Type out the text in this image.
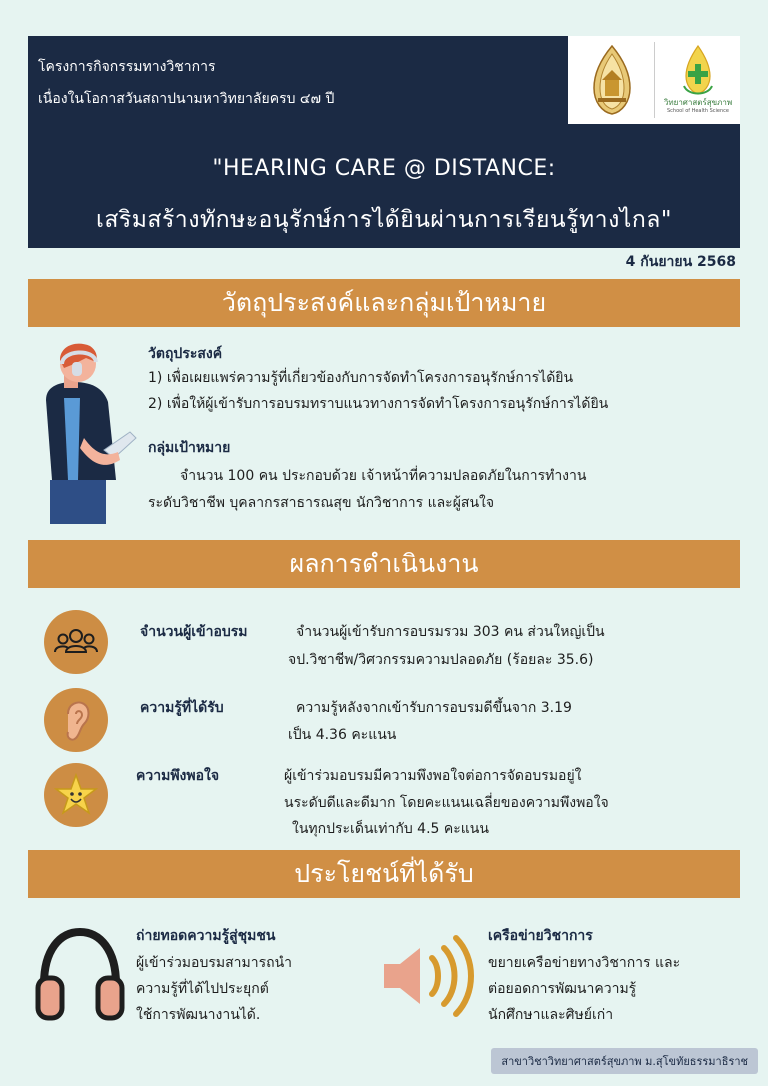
โครงการกิจกรรมทางวิชาการ
เนื่องในโอกาสวันสถาปนามหาวิทยาลัยครบ ๔๗ ปี	วิทยาศาสตร์สุขภาพ
School of Health Science
"HEARING CARE @ DISTANCE:
เสริมสร้างทักษะอนุรักษ์การได้ยินผ่านการเรียนรู้ทางไกล"
4 กันยายน 2568
วัตถุประสงค์และกลุ่มเป้าหมาย
วัตถุประสงค์
1) เพื่อเผยแพร่ความรู้ที่เกี่ยวข้องกับการจัดทำโครงการอนุรักษ์การได้ยิน
2) เพื่อให้ผู้เข้ารับการอบรมทราบแนวทางการจัดทำโครงการอนุรักษ์การได้ยิน
กลุ่มเป้าหมาย
จำนวน 100 คน ประกอบด้วย เจ้าหน้าที่ความปลอดภัยในการทำงาน
ระดับวิชาชีพ บุคลากรสาธารณสุข นักวิชาการ และผู้สนใจ
ผลการดำเนินงาน
จำนวนผู้เข้าอบรม	จำนวนผู้เข้ารับการอบรมรวม 303 คน ส่วนใหญ่เป็น
จป.วิชาชีพ/วิศวกรรมความปลอดภัย (ร้อยละ 35.6)
ความรู้ที่ได้รับ	ความรู้หลังจากเข้ารับการอบรมดีขึ้นจาก 3.19
เป็น 4.36 คะแนน
ความพึงพอใจ	ผู้เข้าร่วมอบรมมีความพึงพอใจต่อการจัดอบรมอยู่ใ
นระดับดีและดีมาก โดยคะแนนเฉลี่ยของความพึงพอใจ
ในทุกประเด็นเท่ากับ 4.5 คะแนน
ประโยชน์ที่ได้รับ
ถ่ายทอดความรู้สู่ชุมชน
ผู้เข้าร่วมอบรมสามารถนำ
ความรู้ที่ได้ไปประยุกต์
ใช้การพัฒนางานได้.
เครือข่ายวิชาการ
ขยายเครือข่ายทางวิชาการ และ
ต่อยอดการพัฒนาความรู้
นักศึกษาและศิษย์เก่า
สาขาวิชาวิทยาศาสตร์สุขภาพ ม.สุโขทัยธรรมาธิราช
